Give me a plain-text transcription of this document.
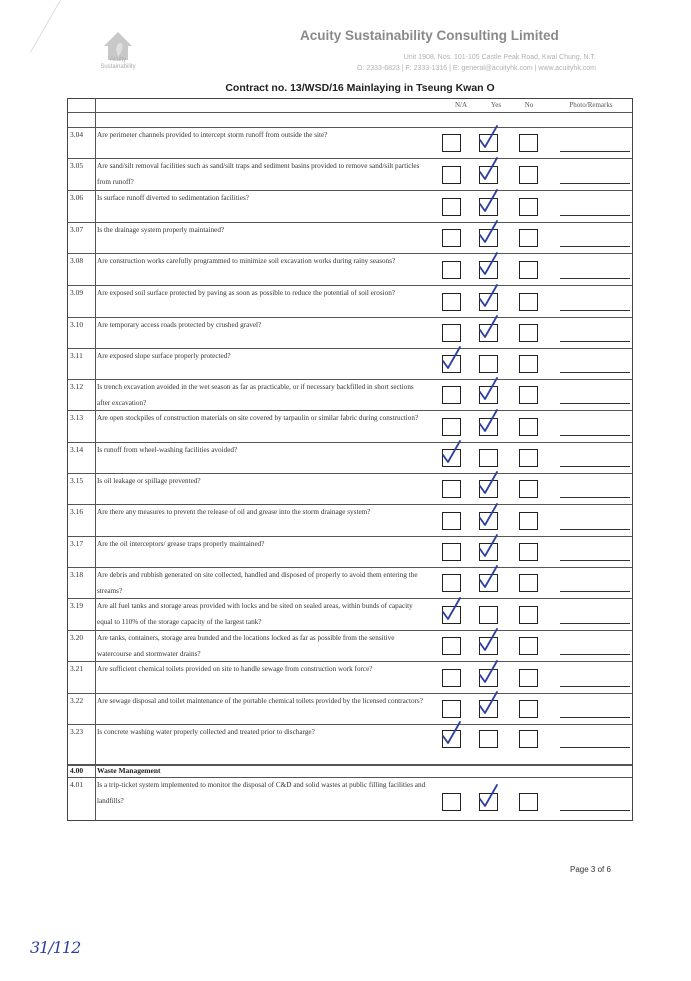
Acuity Sustainability
Acuity Sustainability Consulting Limited
Unit 1908, Nos. 101-105 Castle Peak Road, Kwai Chung, N.T.
O: 2333-6823 | F: 2333-1316 | E: general@acuityhk.com | www.acuityhk.com
Contract no. 13/WSD/16 Mainlaying in Tseung Kwan O
N/A	Yes	No	Photo/Remarks
3.04	Are perimeter channels provided to intercept storm runoff from outside the site?
3.05	Are sand/silt removal facilities such as sand/silt traps and sediment basins provided to remove sand/silt particles from runoff?
3.06	Is surface runoff diverted to sedimentation facilities?
3.07	Is the drainage system properly maintained?
3.08	Are construction works carefully programmed to minimize soil excavation works during rainy seasons?
3.09	Are exposed soil surface protected by paving as soon as possible to reduce the potential of soil erosion?
3.10	Are temporary access roads protected by crushed gravel?
3.11	Are exposed slope surface properly protected?
3.12	Is trench excavation avoided in the wet season as far as practicable, or if necessary backfilled in short sections after excavation?
3.13	Are open stockpiles of construction materials on site covered by tarpaulin or similar fabric during construction?
3.14	Is runoff from wheel-washing facilities avoided?
3.15	Is oil leakage or spillage prevented?
3.16	Are there any measures to prevent the release of oil and grease into the storm drainage system?
3.17	Are the oil interceptors/ grease traps properly maintained?
3.18	Are debris and rubbish generated on site collected, handled and disposed of properly to avoid them entering the streams?
3.19	Are all fuel tanks and storage areas provided with locks and be sited on sealed areas, within bunds of capacity equal to 110% of the storage capacity of the largest tank?
3.20	Are tanks, containers, storage area bunded and the locations locked as far as possible from the sensitive watercourse and stormwater drains?
3.21	Are sufficient chemical toilets provided on site to handle sewage from construction work force?
3.22	Are sewage disposal and toilet maintenance of the portable chemical toilets provided by the licensed contractors?
3.23	Is concrete washing water properly collected and treated prior to discharge?
4.00 Waste Management
4.01	Is a trip-ticket system implemented to monitor the disposal of C&D and solid wastes at public filling facilities and landfills?
Page 3 of 6
31/112
